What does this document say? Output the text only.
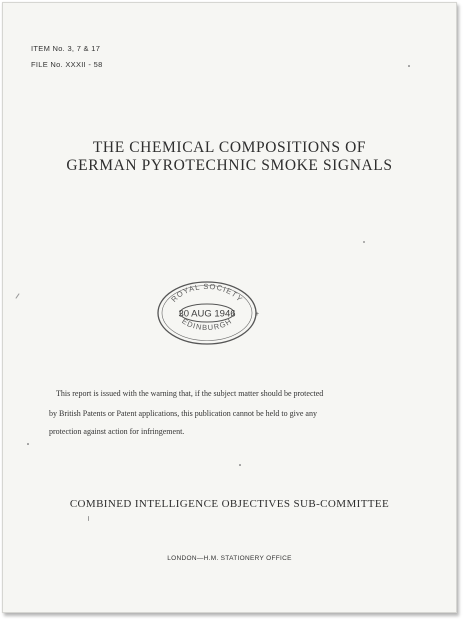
ITEM No. 3, 7 & 17
FILE No. XXXII - 58
THE CHEMICAL COMPOSITIONS OF
GERMAN PYROTECHNIC SMOKE SIGNALS
ROYAL SOCIETY
30 AUG 1946
EDINBURGH
+
This report is issued with the warning that, if the subject matter should be protected
by British Patents or Patent applications, this publication cannot be held to give any
protection against action for infringement.
COMBINED INTELLIGENCE OBJECTIVES SUB-COMMITTEE
LONDON—H.M. STATIONERY OFFICE
